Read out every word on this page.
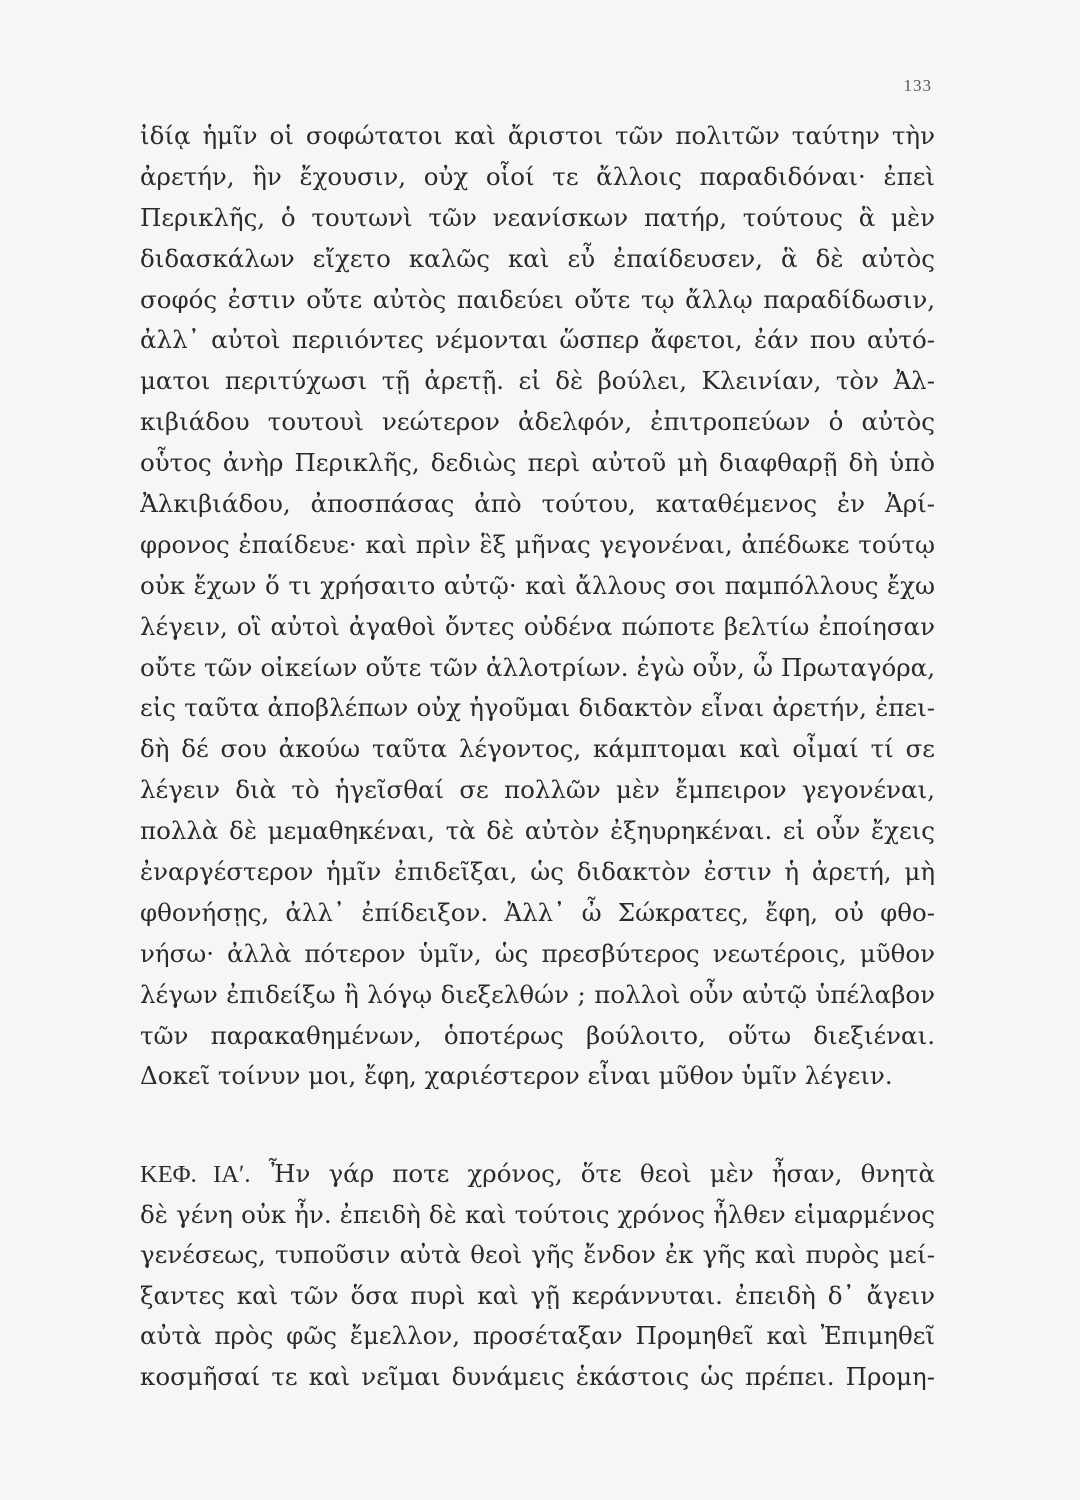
133
ἰδίᾳ ἡμῖν οἱ σοφώτατοι καὶ ἄριστοι τῶν πολιτῶν ταύτην τὴν
ἀρετήν, ἣν ἔχουσιν, οὐχ οἷοί τε ἄλλοις παραδιδόναι· ἐπεὶ
Περικλῆς, ὁ τουτωνὶ τῶν νεανίσκων πατήρ, τούτους ἃ μὲν
διδασκάλων εἴχετο καλῶς καὶ εὖ ἐπαίδευσεν, ἃ δὲ αὐτὸς
σοφός ἐστιν οὔτε αὐτὸς παιδεύει οὔτε τῳ ἄλλῳ παραδίδωσιν,
ἀλλ᾽ αὐτοὶ περιιόντες νέμονται ὥσπερ ἄφετοι, ἐάν που αὐτό-
ματοι περιτύχωσι τῇ ἀρετῇ. εἰ δὲ βούλει, Κλεινίαν, τὸν Ἀλ-
κιβιάδου τουτουὶ νεώτερον ἀδελφόν, ἐπιτροπεύων ὁ αὐτὸς
οὗτος ἀνὴρ Περικλῆς, δεδιὼς περὶ αὐτοῦ μὴ διαφθαρῇ δὴ ὑπὸ
Ἀλκιβιάδου, ἀποσπάσας ἀπὸ τούτου, καταθέμενος ἐν Ἀρί-
φρονος ἐπαίδευε· καὶ πρὶν ἓξ μῆνας γεγονέναι, ἀπέδωκε τούτῳ
οὐκ ἔχων ὅ τι χρήσαιτο αὐτῷ· καὶ ἄλλους σοι παμπόλλους ἔχω
λέγειν, οἳ αὐτοὶ ἀγαθοὶ ὄντες οὐδένα πώποτε βελτίω ἐποίησαν
οὔτε τῶν οἰκείων οὔτε τῶν ἀλλοτρίων. ἐγὼ οὖν, ὦ Πρωταγόρα,
εἰς ταῦτα ἀποβλέπων οὐχ ἡγοῦμαι διδακτὸν εἶναι ἀρετήν, ἐπει-
δὴ δέ σου ἀκούω ταῦτα λέγοντος, κάμπτομαι καὶ οἶμαί τί σε
λέγειν διὰ τὸ ἡγεῖσθαί σε πολλῶν μὲν ἔμπειρον γεγονέναι,
πολλὰ δὲ μεμαθηκέναι, τὰ δὲ αὐτὸν ἐξηυρηκέναι. εἰ οὖν ἔχεις
ἐναργέστερον ἡμῖν ἐπιδεῖξαι, ὡς διδακτὸν ἐστιν ἡ ἀρετή, μὴ
φθονήσῃς, ἀλλ᾽ ἐπίδειξον. Ἀλλ᾽ ὦ Σώκρατες, ἔφη, οὐ φθο-
νήσω· ἀλλὰ πότερον ὑμῖν, ὡς πρεσβύτερος νεωτέροις, μῦθον
λέγων ἐπιδείξω ἢ λόγῳ διεξελθών ; πολλοὶ οὖν αὐτῷ ὑπέλαβον
τῶν παρακαθημένων, ὁποτέρως βούλοιτο, οὕτω διεξιέναι.
Δοκεῖ τοίνυν μοι, ἔφη, χαριέστερον εἶναι μῦθον ὑμῖν λέγειν.
ΚΕΦ. ΙΑʹ. Ἦν γάρ ποτε χρόνος, ὅτε θεοὶ μὲν ἦσαν, θνητὰ
δὲ γένη οὐκ ἦν. ἐπειδὴ δὲ καὶ τούτοις χρόνος ἦλθεν εἱμαρμένος
γενέσεως, τυποῦσιν αὐτὰ θεοὶ γῆς ἔνδον ἐκ γῆς καὶ πυρὸς μεί-
ξαντες καὶ τῶν ὅσα πυρὶ καὶ γῇ κεράννυται. ἐπειδὴ δ᾽ ἄγειν
αὐτὰ πρὸς φῶς ἔμελλον, προσέταξαν Προμηθεῖ καὶ Ἐπιμηθεῖ
κοσμῆσαί τε καὶ νεῖμαι δυνάμεις ἑκάστοις ὡς πρέπει. Προμη-
